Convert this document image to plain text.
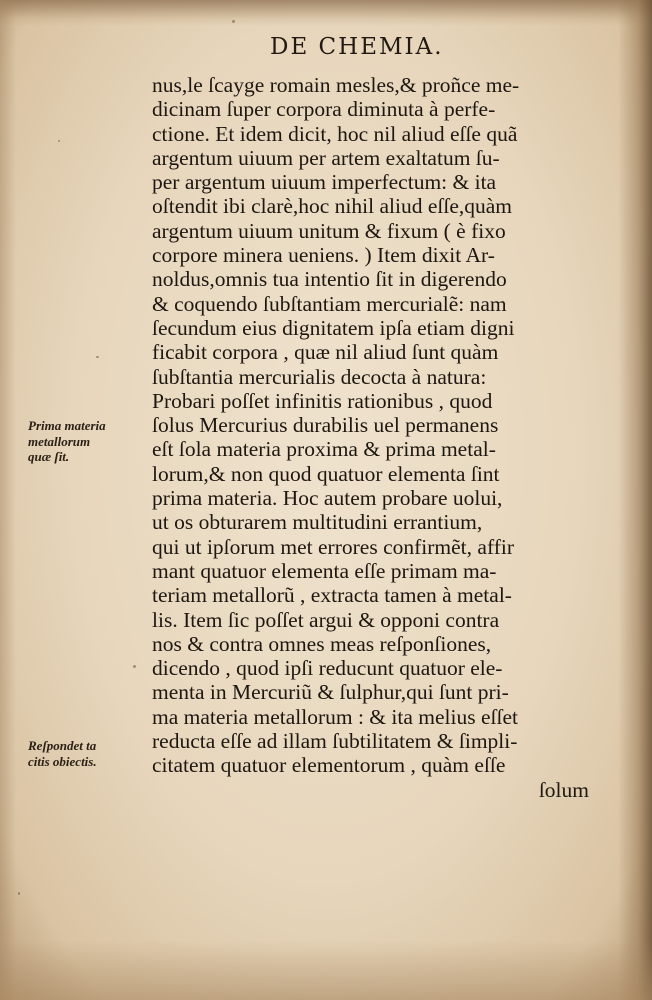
DE CHEMIA.
nus,le ſcayge romain mesles,& proñce me-
dicinam ſuper corpora diminuta à perfe-
ctione. Et idem dicit, hoc nil aliud eſſe quã
argentum uiuum per artem exaltatum ſu-
per argentum uiuum imperfectum: & ita
oſtendit ibi clarè,hoc nihil aliud eſſe,quàm
argentum uiuum unitum & fixum ( è fixo
corpore minera ueniens. ) Item dixit Ar-
noldus,omnis tua intentio ſit in digerendo
& coquendo ſubſtantiam mercurialẽ: nam
ſecundum eius dignitatem ipſa etiam digni
ficabit corpora , quæ nil aliud ſunt quàm
ſubſtantia mercurialis decocta à natura:
Probari poſſet infinitis rationibus , quod
ſolus Mercurius durabilis uel permanens
eſt ſola materia proxima & prima metal-
lorum,& non quod quatuor elementa ſint
prima materia. Hoc autem probare uolui,
ut os obturarem multitudini errantium,
qui ut ipſorum met errores confirmẽt, affir
mant quatuor elementa eſſe primam ma-
teriam metallorũ , extracta tamen à metal-
lis. Item ſic poſſet argui & opponi contra
nos & contra omnes meas reſponſiones,
dicendo , quod ipſi reducunt quatuor ele-
menta in Mercuriũ & ſulphur,qui ſunt pri-
ma materia metallorum : & ita melius eſſet
reducta eſſe ad illam ſubtilitatem & ſimpli-
citatem quatuor elementorum , quàm eſſe
ſolum
Prima materia
metallorum
quæ ſit.
Reſpondet ta
citis obiectis.
